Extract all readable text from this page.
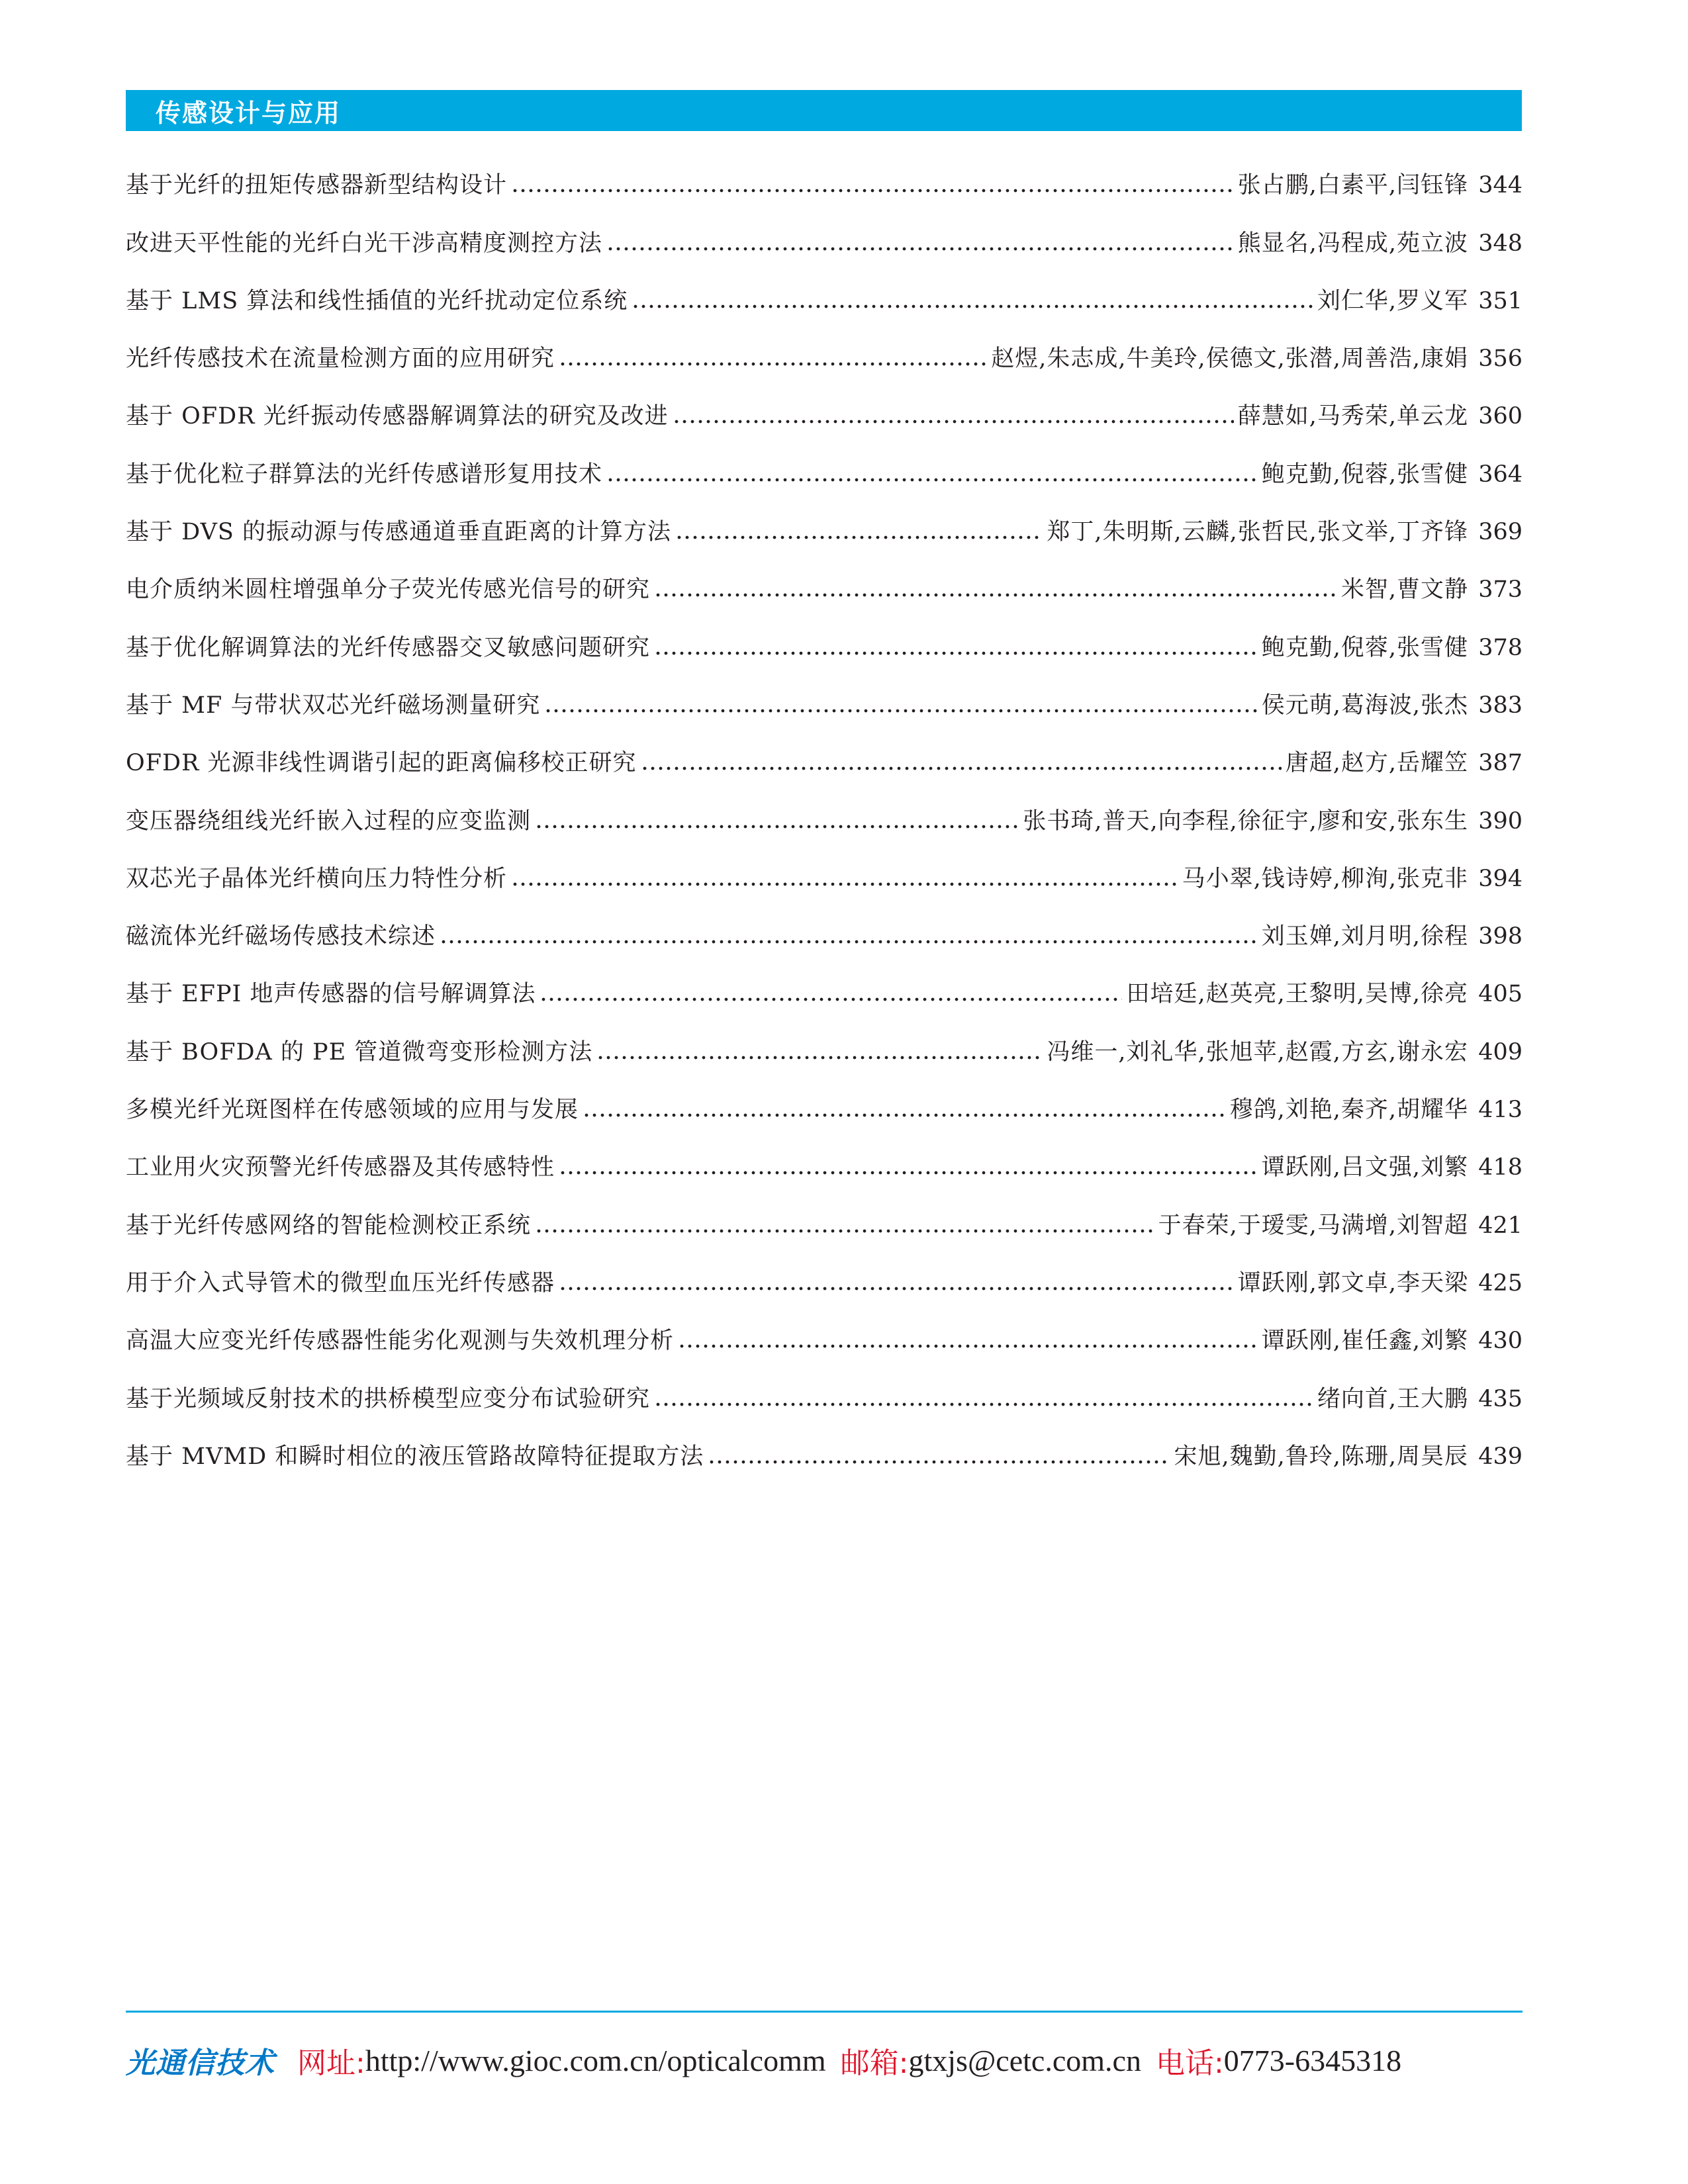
传感设计与应用
基于光纤的扭矩传感器新型结构设计	张占鹏,白素平,闫钰锋 344
改进天平性能的光纤白光干涉高精度测控方法	熊显名,冯程成,苑立波 348
基于 LMS 算法和线性插值的光纤扰动定位系统	刘仁华,罗义军 351
光纤传感技术在流量检测方面的应用研究	赵煜,朱志成,牛美玲,侯德文,张潜,周善浩,康娟 356
基于 OFDR 光纤振动传感器解调算法的研究及改进	薛慧如,马秀荣,单云龙 360
基于优化粒子群算法的光纤传感谱形复用技术	鲍克勤,倪蓉,张雪健 364
基于 DVS 的振动源与传感通道垂直距离的计算方法	郑丁,朱明斯,云麟,张哲民,张文举,丁齐锋 369
电介质纳米圆柱增强单分子荧光传感光信号的研究	米智,曹文静 373
基于优化解调算法的光纤传感器交叉敏感问题研究	鲍克勤,倪蓉,张雪健 378
基于 MF 与带状双芯光纤磁场测量研究	侯元萌,葛海波,张杰 383
OFDR 光源非线性调谐引起的距离偏移校正研究	唐超,赵方,岳耀笠 387
变压器绕组线光纤嵌入过程的应变监测	张书琦,普天,向李程,徐征宇,廖和安,张东生 390
双芯光子晶体光纤横向压力特性分析	马小翠,钱诗婷,柳洵,张克非 394
磁流体光纤磁场传感技术综述	刘玉婵,刘月明,徐程 398
基于 EFPI 地声传感器的信号解调算法	田培廷,赵英亮,王黎明,吴博,徐亮 405
基于 BOFDA 的 PE 管道微弯变形检测方法	冯维一,刘礼华,张旭苹,赵霞,方玄,谢永宏 409
多模光纤光斑图样在传感领域的应用与发展	穆鸽,刘艳,秦齐,胡耀华 413
工业用火灾预警光纤传感器及其传感特性	谭跃刚,吕文强,刘繁 418
基于光纤传感网络的智能检测校正系统	于春荣,于瑷雯,马满增,刘智超 421
用于介入式导管术的微型血压光纤传感器	谭跃刚,郭文卓,李天梁 425
高温大应变光纤传感器性能劣化观测与失效机理分析	谭跃刚,崔任鑫,刘繁 430
基于光频域反射技术的拱桥模型应变分布试验研究	绪向首,王大鹏 435
基于 MVMD 和瞬时相位的液压管路故障特征提取方法	宋旭,魏勤,鲁玲,陈珊,周昊辰 439
光通信技术 网址: http://www.gioc.com.cn/opticalcomm 邮箱: gtxjs@cetc.com.cn 电话: 0773-6345318
